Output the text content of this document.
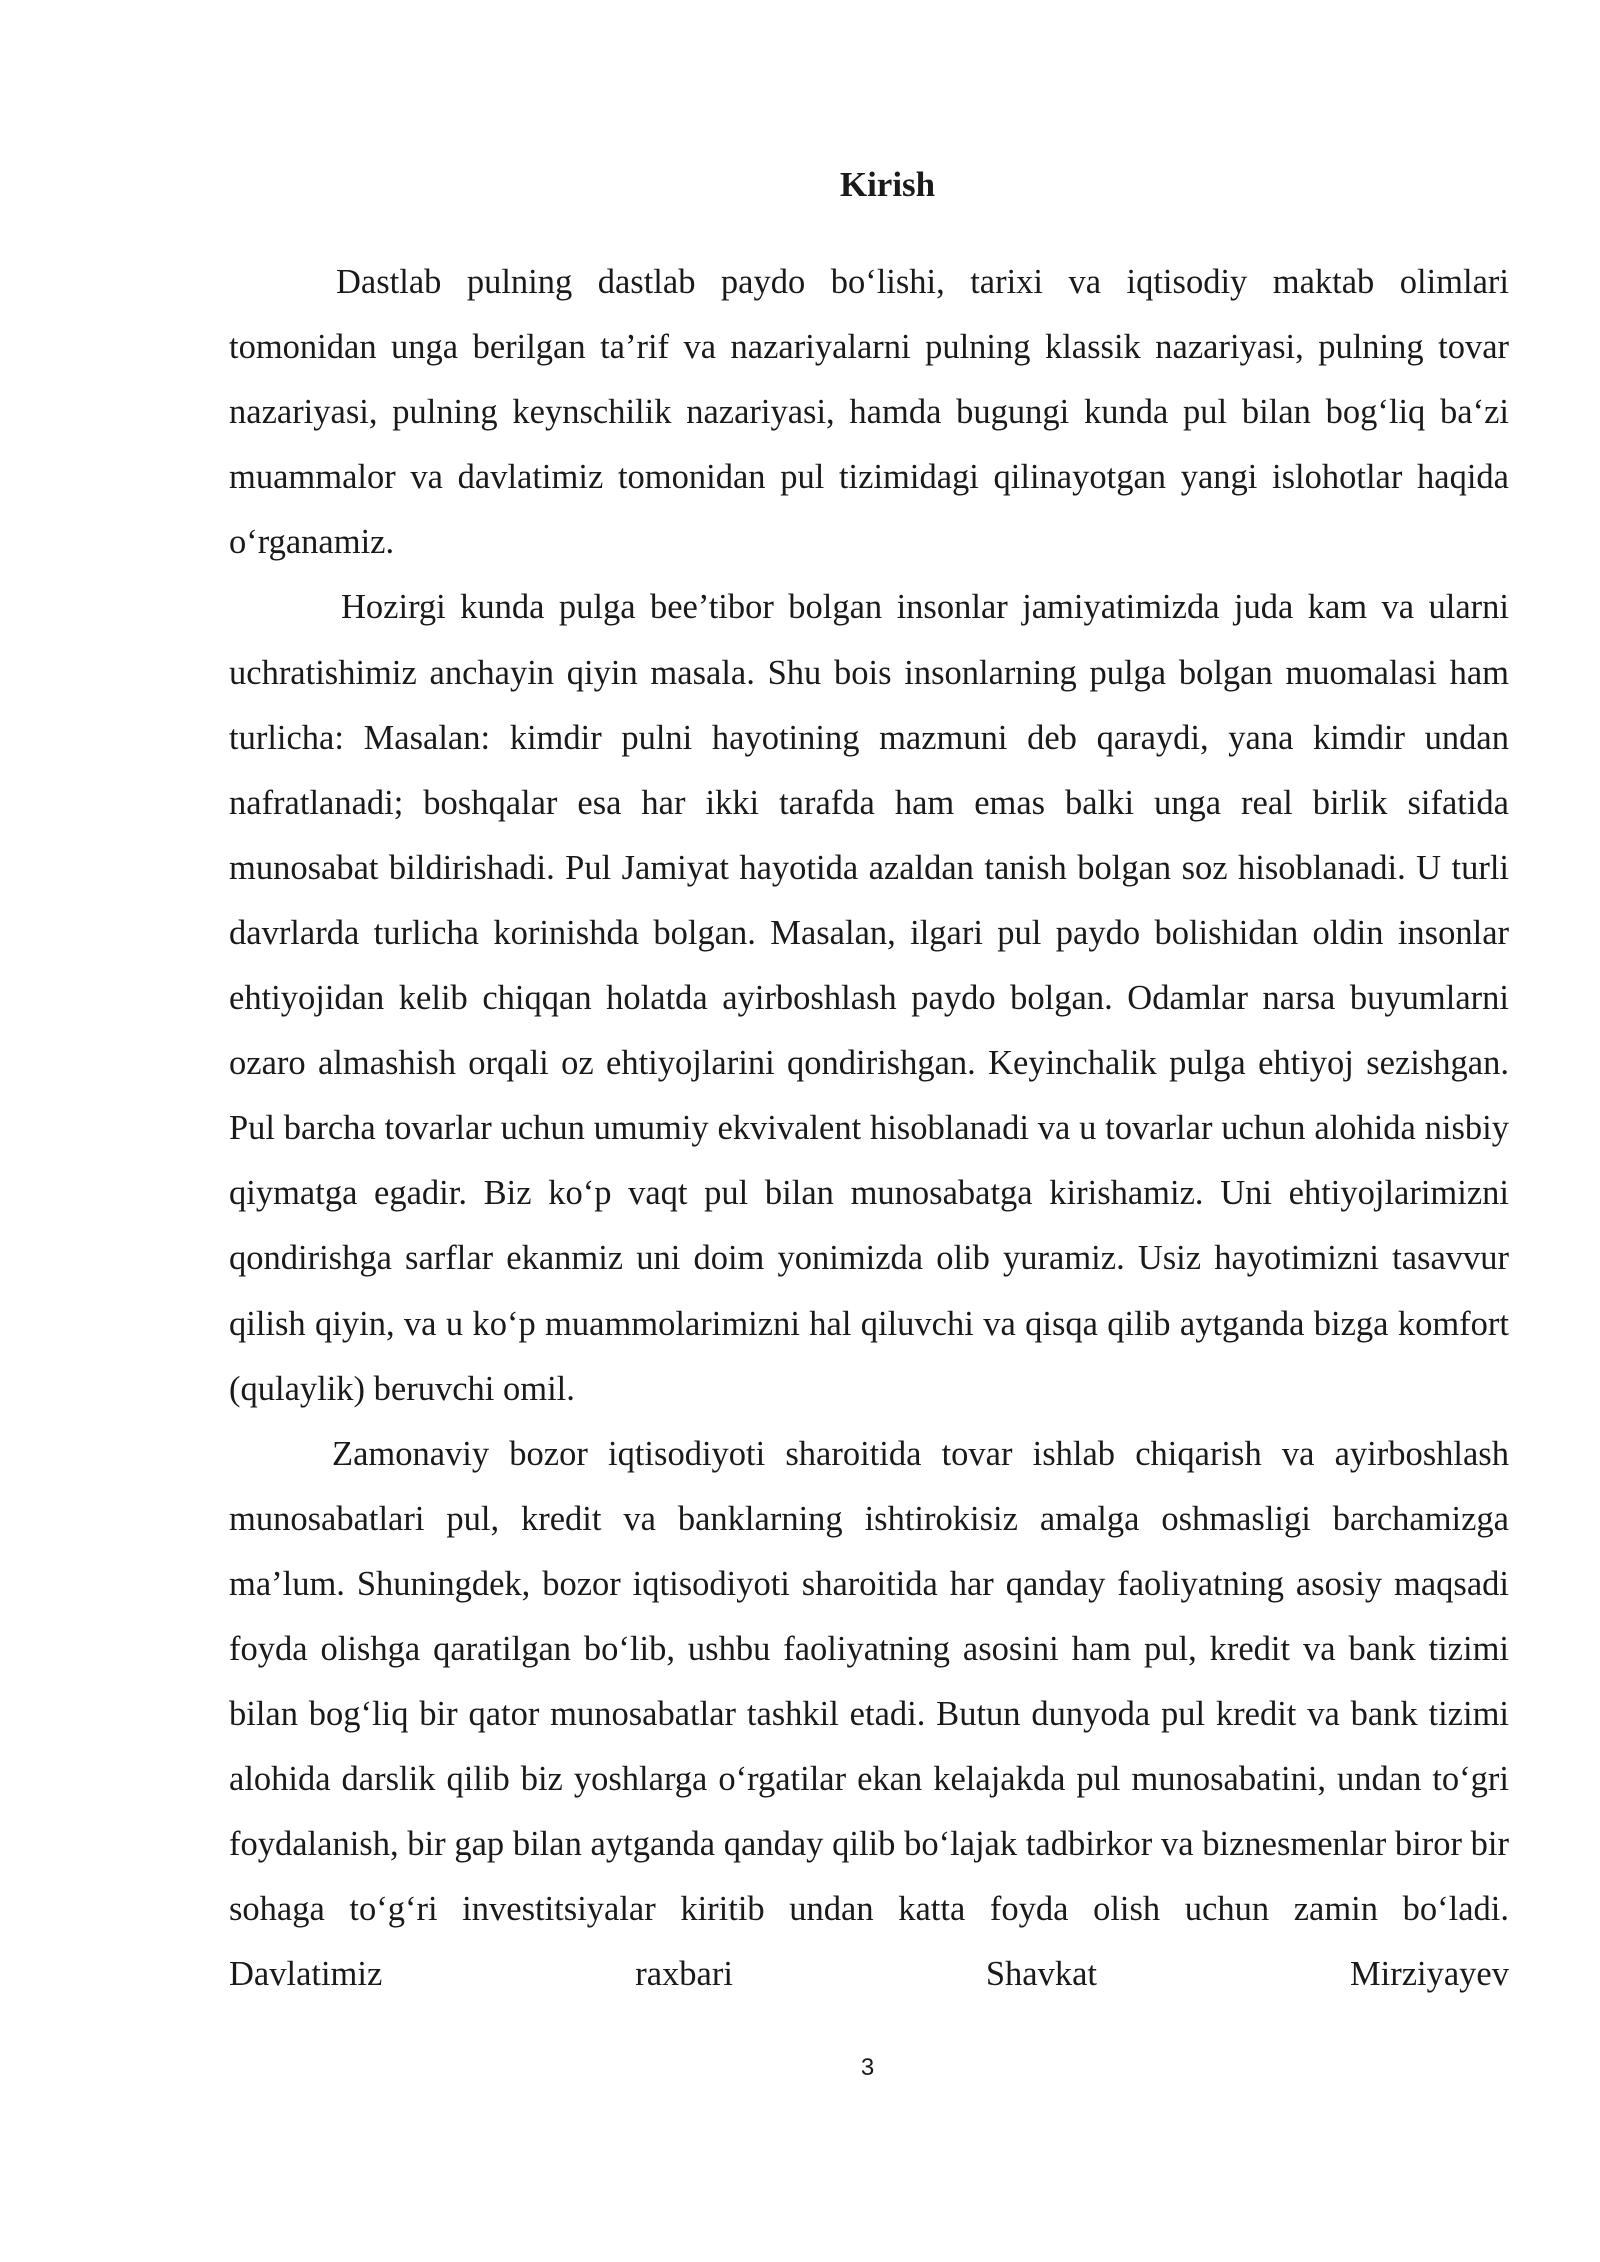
Kirish

Dastlab pulning dastlab paydo bo‘lishi, tarixi va iqtisodiy maktab olimlari tomonidan unga berilgan ta’rif va nazariyalarni pulning klassik nazariyasi, pulning tovar nazariyasi, pulning keynschilik nazariyasi, hamda bugungi kunda pul bilan bog‘liq ba‘zi muammalor va davlatimiz tomonidan pul tizimidagi qilinayotgan yangi islohotlar haqida o‘rganamiz.

Hozirgi kunda pulga bee’tibor bolgan insonlar jamiyatimizda juda kam va ularni uchratishimiz anchayin qiyin masala. Shu bois insonlarning pulga bolgan muomalasi ham turlicha: Masalan: kimdir pulni hayotining mazmuni deb qaraydi, yana kimdir undan nafratlanadi; boshqalar esa har ikki tarafda ham emas balki unga real birlik sifatida munosabat bildirishadi. Pul Jamiyat hayotida azaldan tanish bolgan soz hisoblanadi. U turli davrlarda turlicha korinishda bolgan. Masalan, ilgari pul paydo bolishidan oldin insonlar ehtiyojidan kelib chiqqan holatda ayirboshlash paydo bolgan. Odamlar narsa buyumlarni ozaro almashish orqali oz ehtiyojlarini qondirishgan. Keyinchalik pulga ehtiyoj sezishgan. Pul barcha tovarlar uchun umumiy ekvivalent hisoblanadi va u tovarlar uchun alohida nisbiy qiymatga egadir. Biz ko‘p vaqt pul bilan munosabatga kirishamiz. Uni ehtiyojlarimizni qondirishga sarflar ekanmiz uni doim yonimizda olib yuramiz. Usiz hayotimizni tasavvur qilish qiyin, va u ko‘p muammolarimizni hal qiluvchi va qisqa qilib aytganda bizga komfort (qulaylik) beruvchi omil.

Zamonaviy bozor iqtisodiyoti sharoitida tovar ishlab chiqarish va ayirboshlash munosabatlari pul, kredit va banklarning ishtirokisiz amalga oshmasligi barchamizga ma’lum. Shuningdek, bozor iqtisodiyoti sharoitida har qanday faoliyatning asosiy maqsadi foyda olishga qaratilgan bo‘lib, ushbu faoliyatning asosini ham pul, kredit va bank tizimi bilan bog‘liq bir qator munosabatlar tashkil etadi. Butun dunyoda pul kredit va bank tizimi alohida darslik qilib biz yoshlarga o‘rgatilar ekan kelajakda pul munosabatini, undan to‘gri foydalanish, bir gap bilan aytganda qanday qilib bo‘lajak tadbirkor va biznesmenlar biror bir sohaga to‘g‘ri investitsiyalar kiritib undan katta foyda olish uchun zamin bo‘ladi. Davlatimiz raxbari Shavkat Mirziyayev

3
